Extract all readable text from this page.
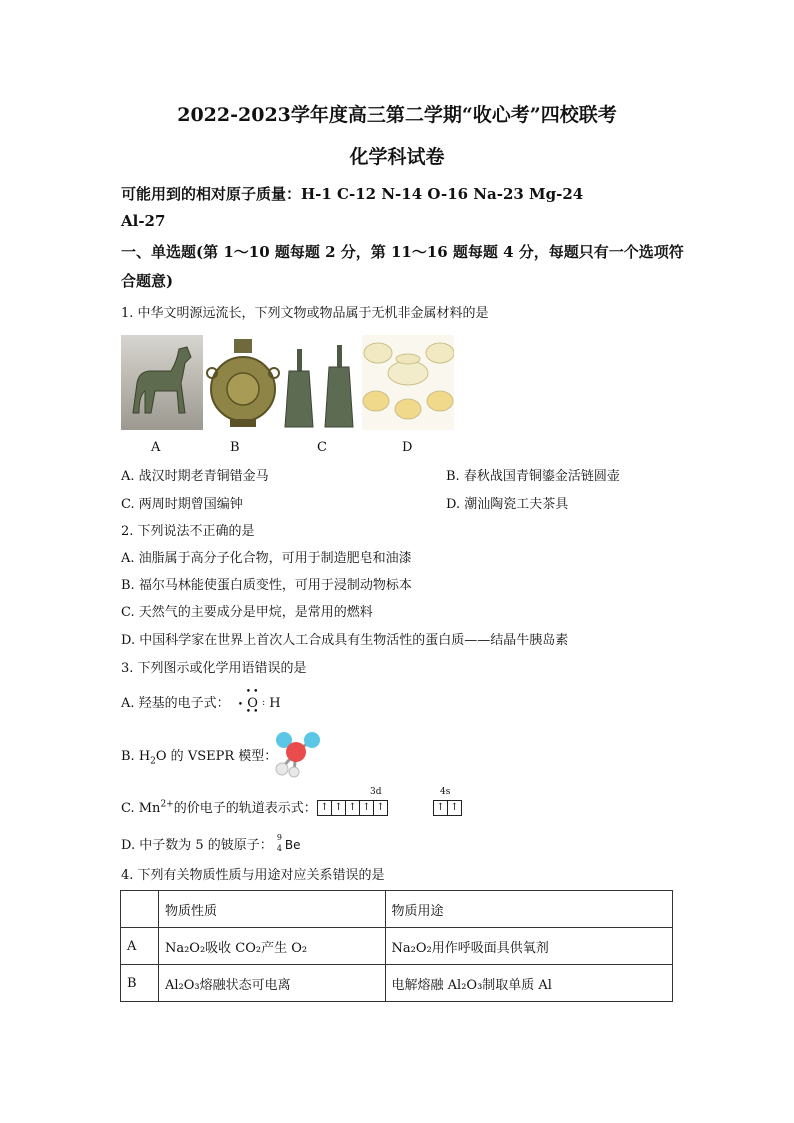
2022-2023学年度高三第二学期“收心考”四校联考
化学科试卷
可能用到的相对原子质量：H-1 C-12 N-14 O-16 Na-23 Mg-24
Al-27
一、单选题(第 1～10 题每题 2 分，第 11～16 题每题 4 分，每题只有一个选项符
合题意)
1. 中华文明源远流长，下列文物或物品属于无机非金属材料的是
A	B	C	D
A. 战汉时期老青铜错金马	B. 春秋战国青铜鎏金活链圆壶
C. 两周时期曾国编钟	D. 潮汕陶瓷工夫茶具
2. 下列说法不正确的是
A. 油脂属于高分子化合物，可用于制造肥皂和油漆
B. 福尔马林能使蛋白质变性，可用于浸制动物标本
C. 天然气的主要成分是甲烷，是常用的燃料
D. 中国科学家在世界上首次人工合成具有生物活性的蛋白质——结晶牛胰岛素
3. 下列图示或化学用语错误的是
A. 羟基的电子式：
••
••
• O : H
B. $H_2O$ 的 VSEPR 模型：
C. $Mn^{2+}$的价电子的轨道表示式：
3d	4s
↑ ↑ ↑ ↑ ↑	↑ ↑
D. 中子数为 5 的铍原子：
9
4 Be
4. 下列有关物质性质与用途对应关系错误的是
	物质性质	物质用途
A	Na₂O₂吸收 CO₂产生 O₂	Na₂O₂用作呼吸面具供氧剂
B	Al₂O₃熔融状态可电离	电解熔融 Al₂O₃制取单质 Al
